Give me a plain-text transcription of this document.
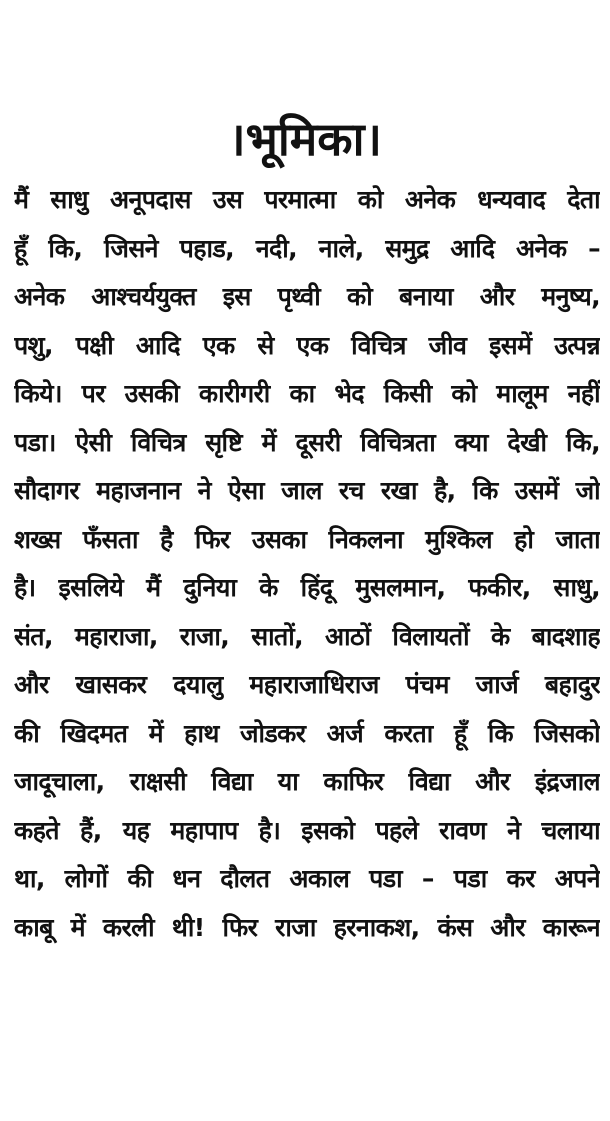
।भूमिका।
मैं साधु अनूपदास उस परमात्मा को अनेक धन्यवाद देता
हूँ कि, जिसने पहाड, नदी, नाले, समुद्र आदि अनेक –
अनेक आश्चर्ययुक्त इस पृथ्वी को बनाया और मनुष्य,
पशु, पक्षी आदि एक से एक विचित्र जीव इसमें उत्पन्न
किये। पर उसकी कारीगरी का भेद किसी को मालूम नहीं
पडा। ऐसी विचित्र सृष्टि में दूसरी विचित्रता क्या देखी कि,
सौदागर महाजनान ने ऐसा जाल रच रखा है, कि उसमें जो
शख्स फँसता है फिर उसका निकलना मुश्किल हो जाता
है। इसलिये मैं दुनिया के हिंदू मुसलमान, फकीर, साधु,
संत, महाराजा, राजा, सातों, आठों विलायतों के बादशाह
और खासकर दयालु महाराजाधिराज पंचम जार्ज बहादुर
की खिदमत में हाथ जोडकर अर्ज करता हूँ कि जिसको
जादूचाला, राक्षसी विद्या या काफिर विद्या और इंद्रजाल
कहते हैं, यह महापाप है। इसको पहले रावण ने चलाया
था, लोगों की धन दौलत अकाल पडा – पडा कर अपने
काबू में करली थी! फिर राजा हरनाकश, कंस और कारून
